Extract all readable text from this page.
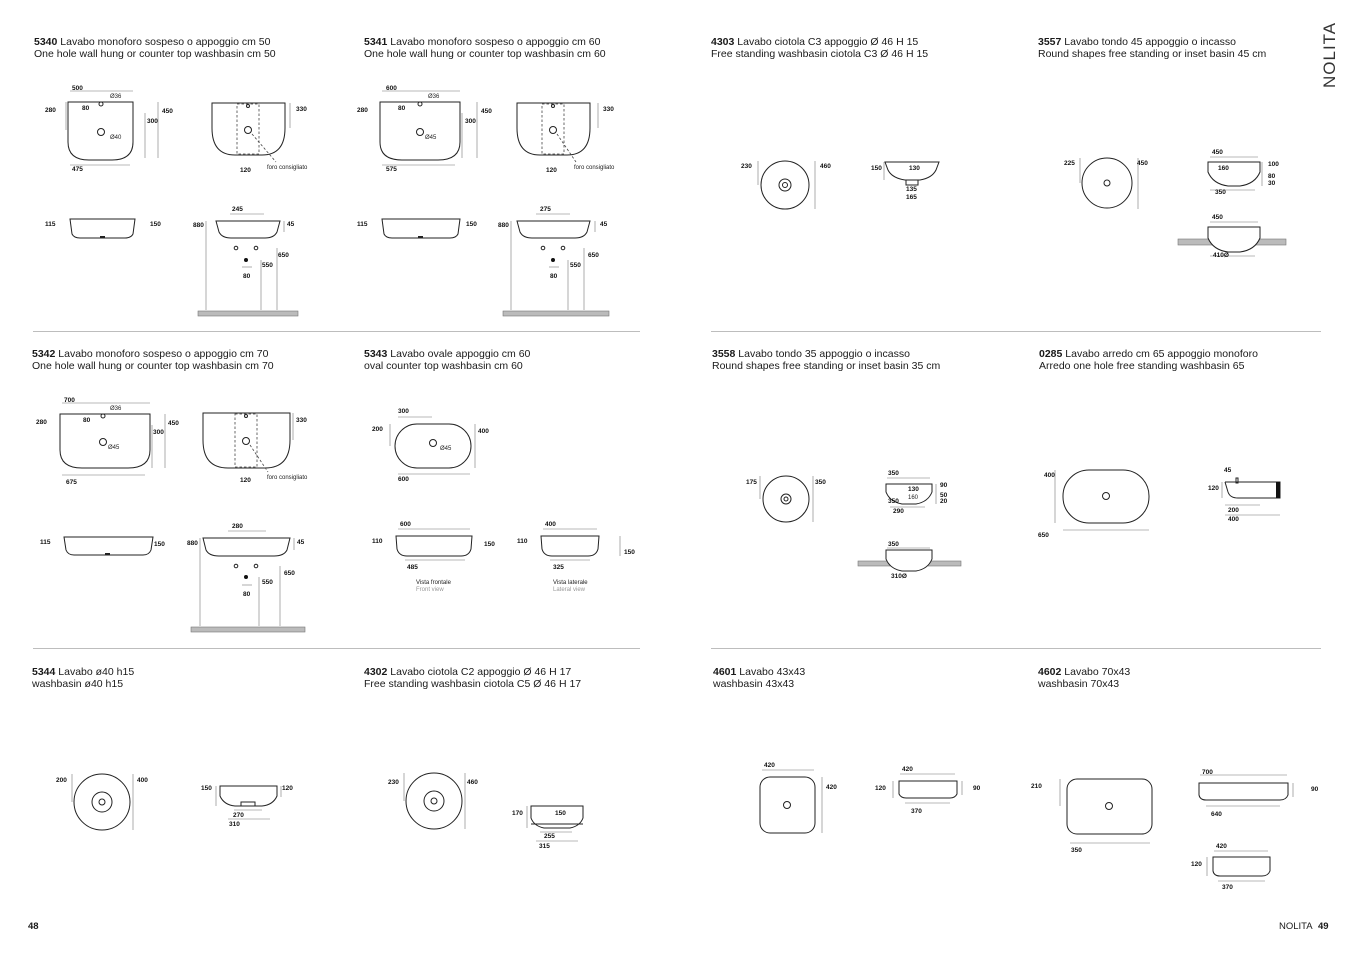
5340 Lavabo monoforo sospeso o appoggio cm 50
One hole wall hung or counter top washbasin cm 50
5341 Lavabo monoforo sospeso o appoggio cm 60
One hole wall hung or counter top washbasin cm 60
4303 Lavabo ciotola C3 appoggio Ø 46 H 15
Free standing washbasin ciotola C3 Ø 46 H 15
3557 Lavabo tondo 45 appoggio o incasso
Round shapes free standing or inset basin 45 cm
5342 Lavabo monoforo sospeso o appoggio cm 70
One hole wall hung or counter top washbasin cm 70
5343 Lavabo ovale appoggio cm 60
oval counter top washbasin cm 60
3558 Lavabo tondo 35 appoggio o incasso
Round shapes free standing or inset basin 35 cm
0285 Lavabo arredo cm 65 appoggio monoforo
Arredo one hole free standing washbasin 65
5344 Lavabo ø40 h15
washbasin ø40 h15
4302 Lavabo ciotola C2 appoggio Ø 46 H 17
Free standing washbasin ciotola C5 Ø 46 H 17
4601 Lavabo 43x43
washbasin 43x43
4602 Lavabo 70x43
washbasin 70x43
NOLITA
48	NOLITA 49
500
Ø36
280	80	450
300
Ø40
475
330
120	foro consigliato
115	150
245
880	45
650
550
80
600
Ø36
280	80	450
300
Ø45
575
330
120	foro consigliato
115	150
275
880	45
650
550
80
230	460	150	130
135
165
225	450
450
160
100
80
30
350
450
410Ø
700
Ø36
280	80	450
300
Ø45
675
330
120	foro consigliato
115	150
280
880	45
650
550
80
300
200	400
Ø45
600
600
110	150
485
Vista frontale
Front view
400
110
150
325
Vista laterale
Lateral view
175	350
350
130
350
90
50
20
290
160
350
310Ø
400
650
45
120
200
400
200	400
150	120
270
310
230	460
170	150
255
315
420
420
420
120	90
370
210
350
700
90
640
420
120
370
